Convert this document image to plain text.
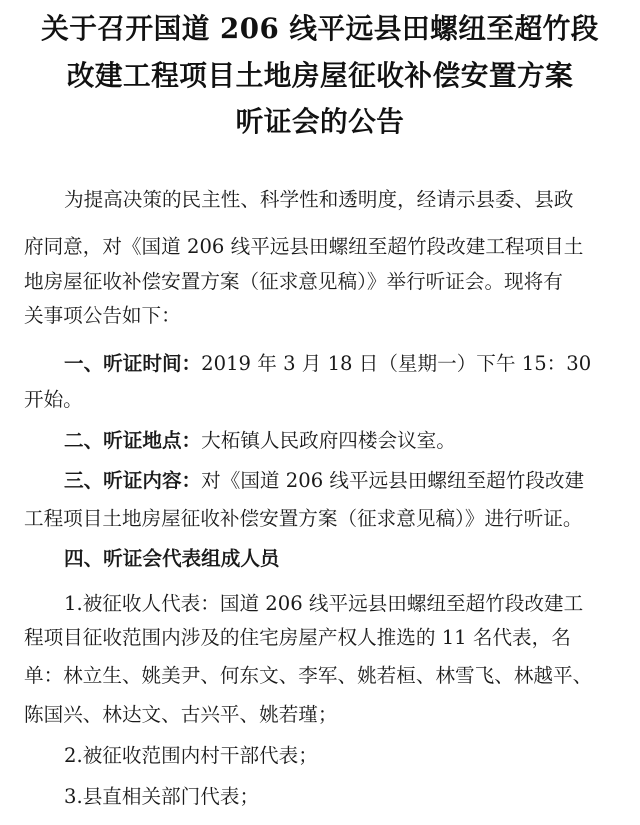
关于召开国道 206 线平远县田螺纽至超竹段
改建工程项目土地房屋征收补偿安置方案
听证会的公告
为提高决策的民主性、科学性和透明度，经请示县委、县政
府同意，对《国道 206 线平远县田螺纽至超竹段改建工程项目土
地房屋征收补偿安置方案（征求意见稿）》举行听证会。现将有
关事项公告如下：
一、听证时间：2019 年 3 月 18 日（星期一）下午 15：30
开始。
二、听证地点：大柘镇人民政府四楼会议室。
三、听证内容：对《国道 206 线平远县田螺纽至超竹段改建
工程项目土地房屋征收补偿安置方案（征求意见稿）》进行听证。
四、听证会代表组成人员
1.被征收人代表：国道 206 线平远县田螺纽至超竹段改建工
程项目征收范围内涉及的住宅房屋产权人推选的 11 名代表，名
单：林立生、姚美尹、何东文、李军、姚若桓、林雪飞、林越平、
陈国兴、林达文、古兴平、姚若瑾；
2.被征收范围内村干部代表；
3.县直相关部门代表；
